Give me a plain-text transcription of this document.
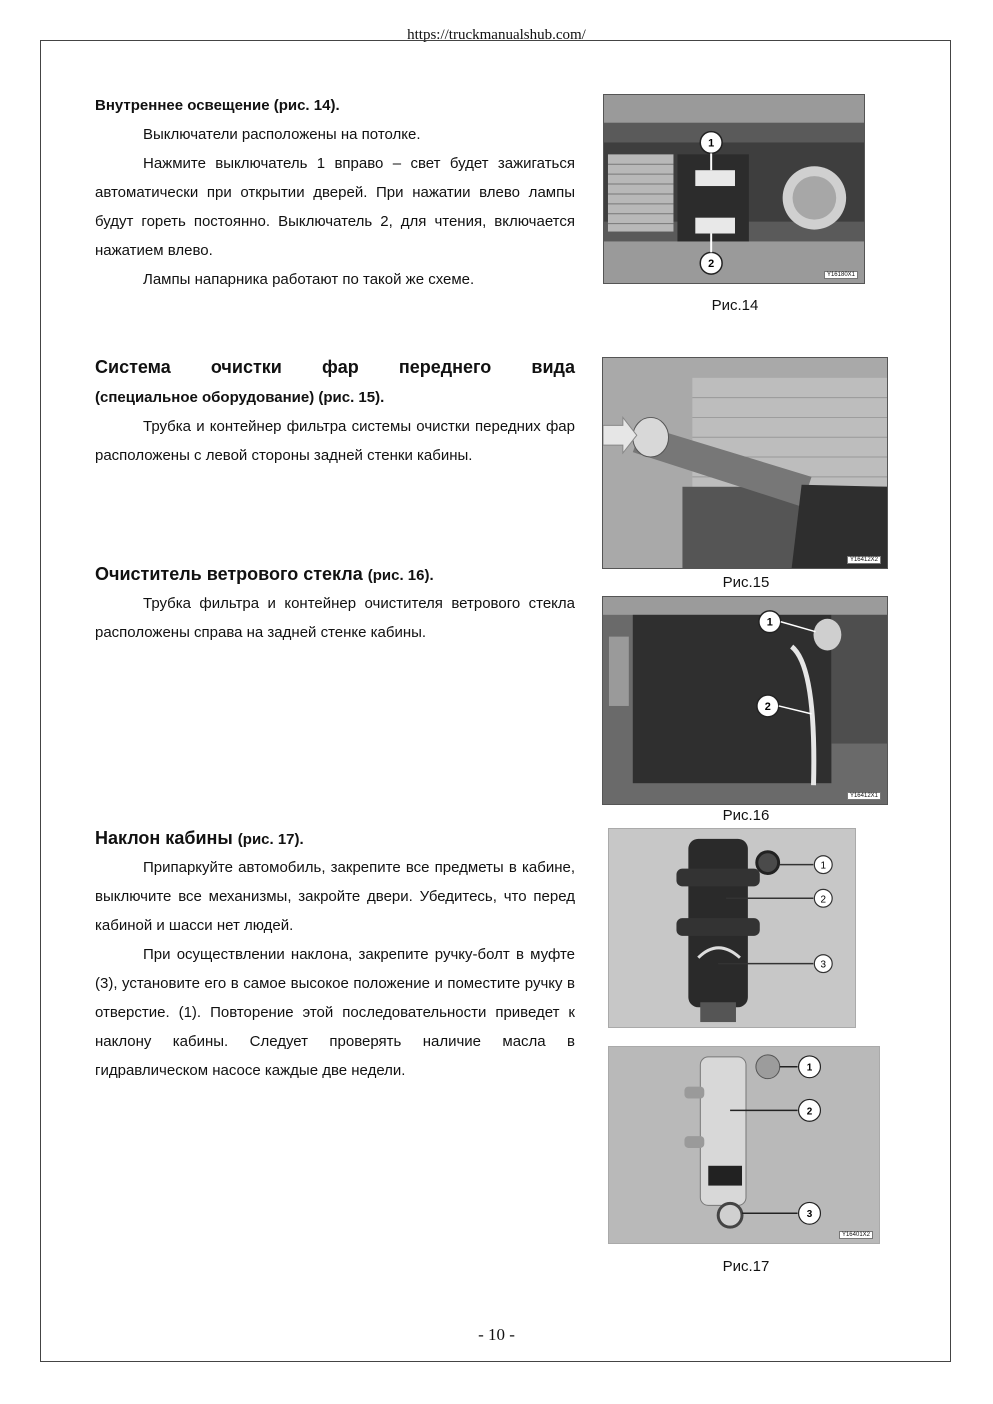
https://truckmanualshub.com/

Внутреннее освещение (рис. 14).

Выключатели расположены на потолке.

Нажмите выключатель 1 вправо – свет будет зажигаться автоматически при открытии дверей. При нажатии влево лампы будут гореть постоянно. Выключатель 2, для чтения, включается нажатием влево.

Лампы напарника работают по такой же схеме.

Система очистки фар переднего вида

(специальное оборудование) (рис. 15).

Трубка и контейнер фильтра системы очистки передних фар расположены с левой стороны задней стенки кабины.

Очиститель ветрового стекла (рис. 16).

Трубка фильтра и контейнер очистителя ветрового стекла расположены справа на задней стенке кабины.

Наклон кабины (рис. 17).

Припаркуйте автомобиль, закрепите все предметы в кабине, выключите все механизмы, закройте двери. Убедитесь, что перед кабиной и шасси нет людей.

При осуществлении наклона, закрепите ручку-болт в муфте (3), установите его в самое высокое положение и поместите ручку в отверстие. (1). Повторение этой последовательности приведет к наклону кабины. Следует проверять наличие масла в гидравлическом насосе каждые две недели.

1
2
Y16180X1
Рис.14
Y16412X2
Рис.15
1
2
Y16412X1
Рис.16
1
2
3
1
2
3
Y16401X2
Рис.17
- 10 -
